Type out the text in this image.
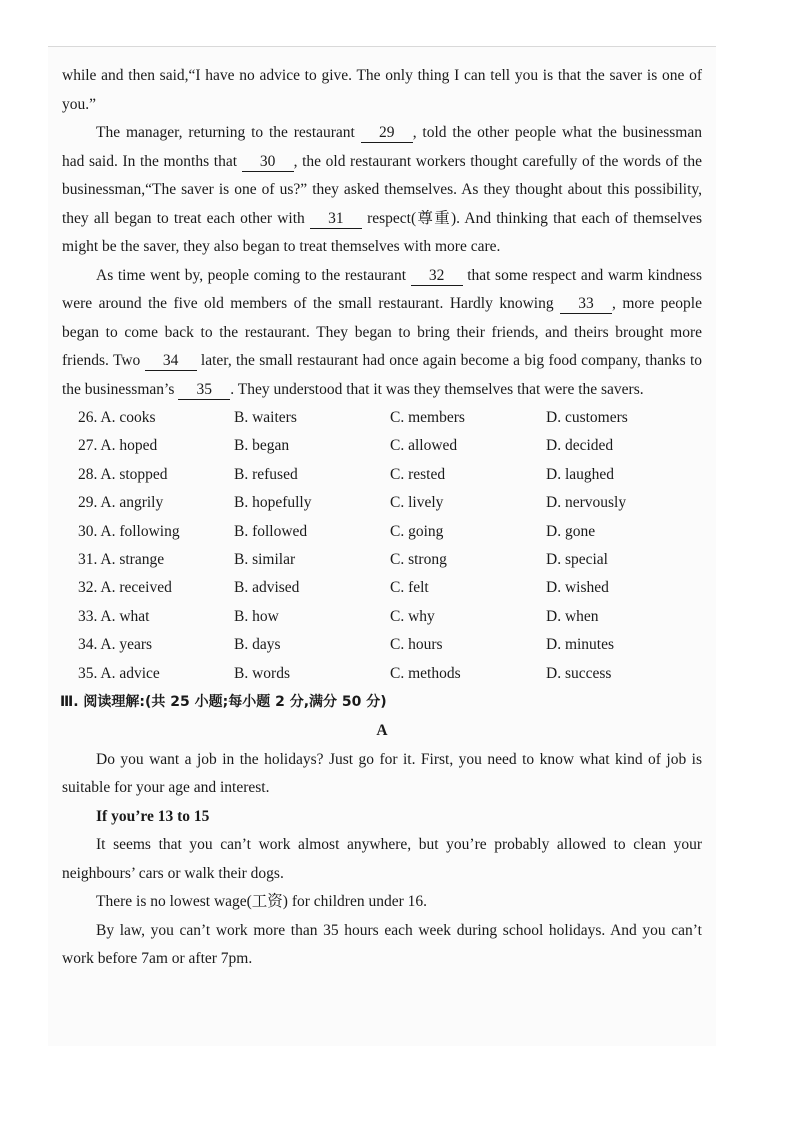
while and then said,“I have no advice to give. The only thing I can tell you is that the saver is one of you.”

The manager, returning to the restaurant 29 , told the other people what the businessman had said. In the months that 30 , the old restaurant workers thought carefully of the words of the businessman,“The saver is one of us?” they asked themselves. As they thought about this possibility, they all began to treat each other with 31 respect(尊重). And thinking that each of themselves might be the saver, they also began to treat themselves with more care.

As time went by, people coming to the restaurant 32 that some respect and warm kindness were around the five old members of the small restaurant. Hardly knowing 33 , more people began to come back to the restaurant. They began to bring their friends, and theirs brought more friends. Two 34 later, the small restaurant had once again become a big food company, thanks to the businessman’s 35 . They understood that it was they themselves that were the savers.

26. A. cooks	B. waiters	C. members	D. customers
27. A. hoped	B. began	C. allowed	D. decided
28. A. stopped	B. refused	C. rested	D. laughed
29. A. angrily	B. hopefully	C. lively	D. nervously
30. A. following	B. followed	C. going	D. gone
31. A. strange	B. similar	C. strong	D. special
32. A. received	B. advised	C. felt	D. wished
33. A. what	B. how	C. why	D. when
34. A. years	B. days	C. hours	D. minutes
35. A. advice	B. words	C. methods	D. success
Ⅲ. 阅读理解:(共 25 小题;每小题 2 分,满分 50 分)
A

Do you want a job in the holidays? Just go for it. First, you need to know what kind of job is suitable for your age and interest.

If you’re 13 to 15

It seems that you can’t work almost anywhere, but you’re probably allowed to clean your neighbours’ cars or walk their dogs.

There is no lowest wage(工资) for children under 16.

By law, you can’t work more than 35 hours each week during school holidays. And you can’t work before 7am or after 7pm.
